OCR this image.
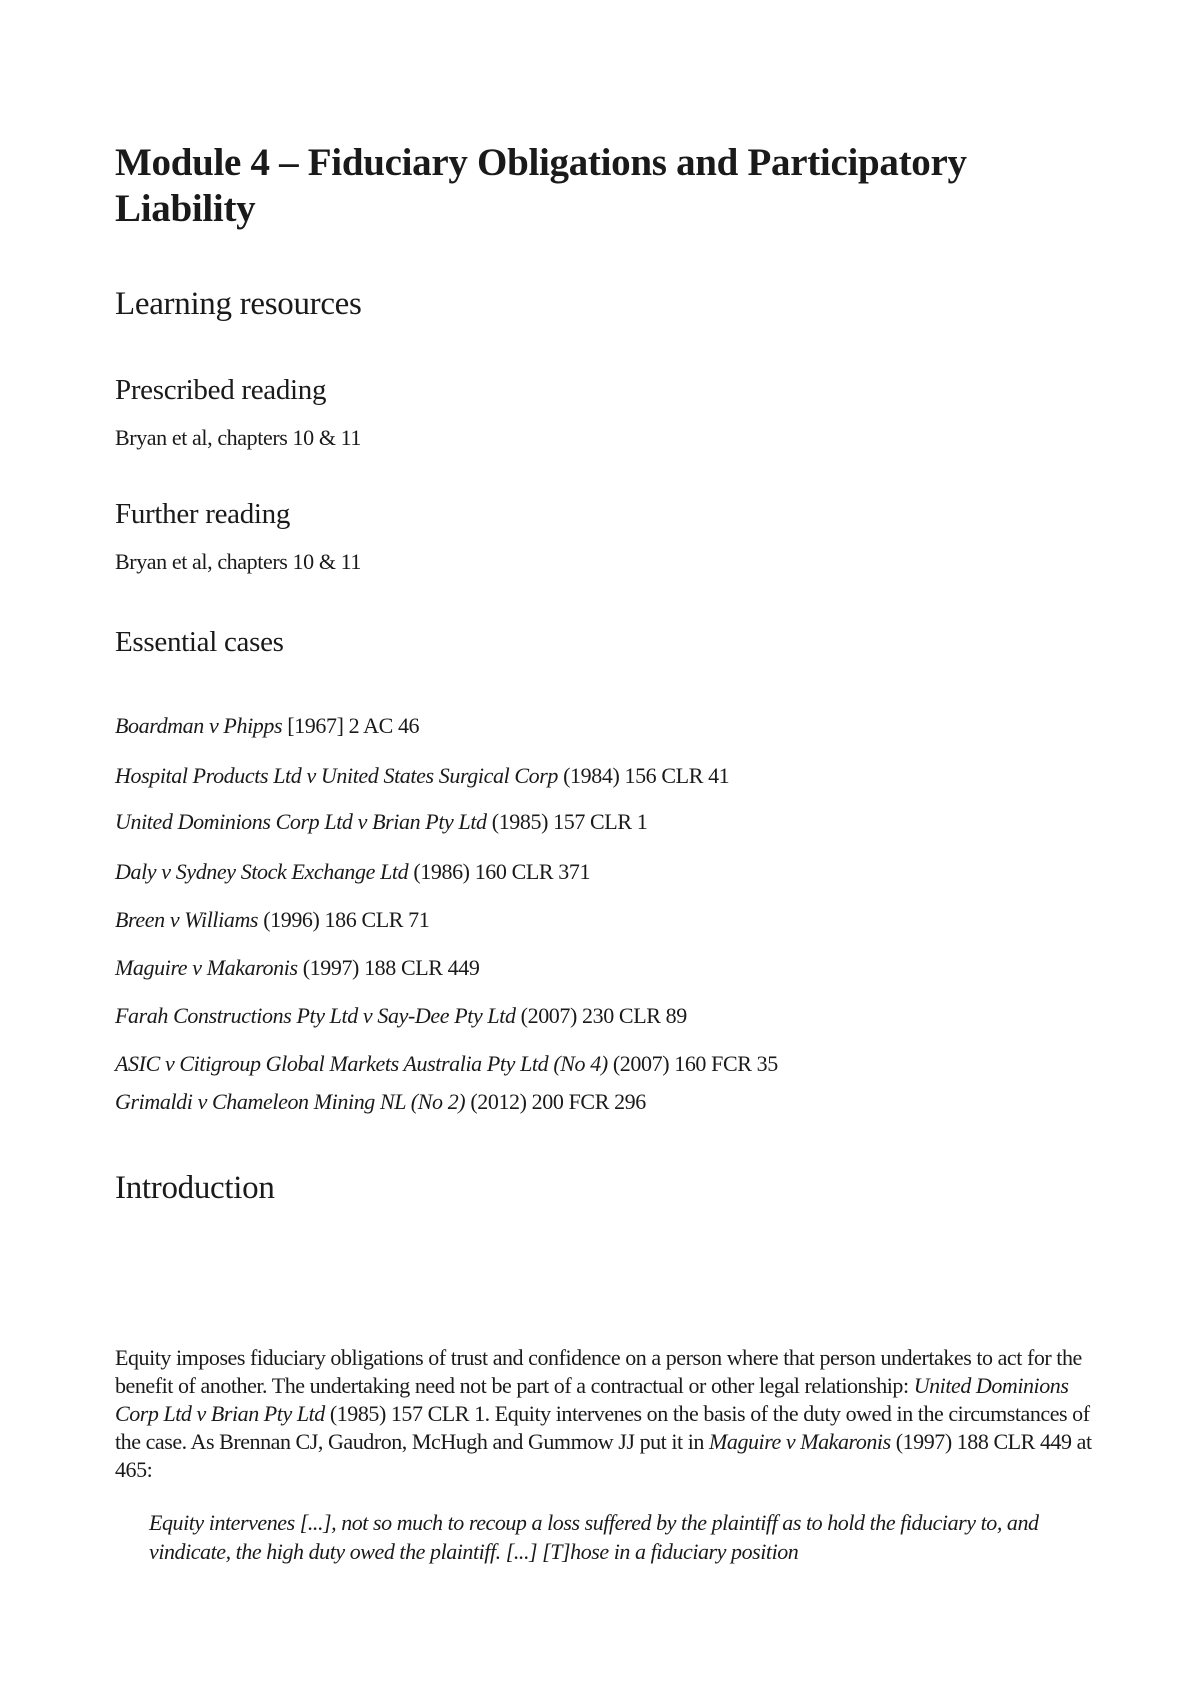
Module 4 – Fiduciary Obligations and Participatory Liability
Learning resources
Prescribed reading
Bryan et al, chapters 10 & 11
Further reading
Bryan et al, chapters 10 & 11
Essential cases
Hospital Products Ltd v United States Surgical Corp (1984) 156 CLR 41
United Dominions Corp Ltd v Brian Pty Ltd (1985) 157 CLR 1
Daly v Sydney Stock Exchange Ltd (1986) 160 CLR 371
Breen v Williams (1996) 186 CLR 71
Maguire v Makaronis (1997) 188 CLR 449
Farah Constructions Pty Ltd v Say-Dee Pty Ltd (2007) 230 CLR 89
ASIC v Citigroup Global Markets Australia Pty Ltd (No 4) (2007) 160 FCR 35
Grimaldi v Chameleon Mining NL (No 2) (2012) 200 FCR 296
Boardman v Phipps [1967] 2 AC 46
Introduction

Equity imposes fiduciary obligations of trust and confidence on a person where that person undertakes to act for the benefit of another. The undertaking need not be part of a contractual or other legal relationship: United Dominions Corp Ltd v Brian Pty Ltd (1985) 157 CLR 1. Equity intervenes on the basis of the duty owed in the circumstances of the case. As Brennan CJ, Gaudron, McHugh and Gummow JJ put it in Maguire v Makaronis (1997) 188 CLR 449 at 465:

Equity intervenes [...], not so much to recoup a loss suffered by the plaintiff as to hold the fiduciary to, and vindicate, the high duty owed the plaintiff. [...] [T]hose in a fiduciary position
